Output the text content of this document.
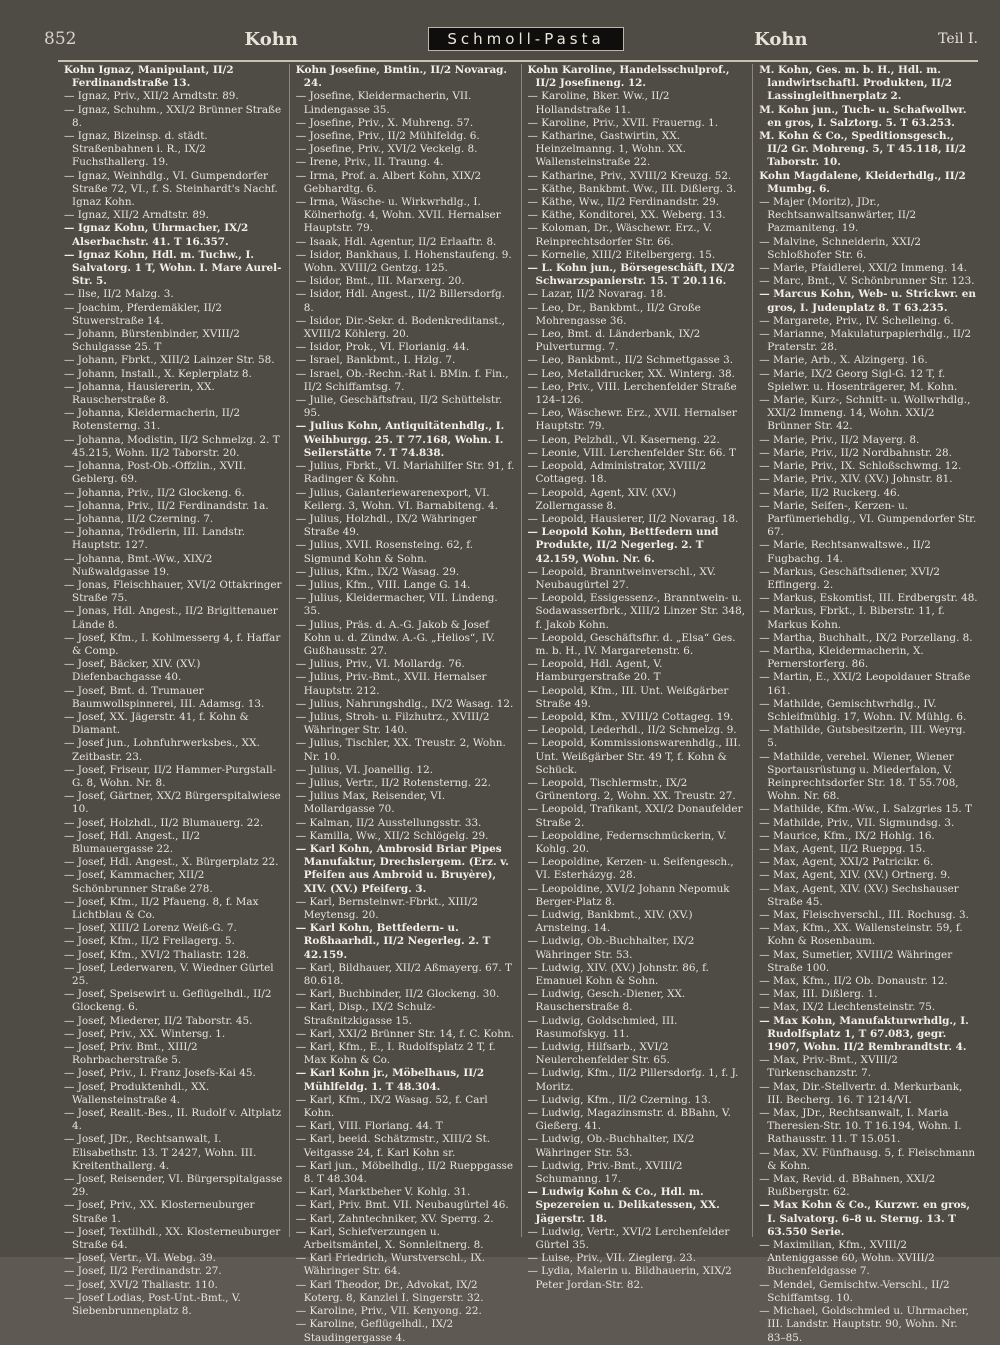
852	Kohn	Schmoll-Pasta	Kohn	Teil I.

Kohn Ignaz, Manipulant, II/2 Ferdinandstraße 13.

— Ignaz, Priv., XII/2 Arndtstr. 89.

— Ignaz, Schuhm., XXI/2 Brünner Straße 8.

— Ignaz, Bizeinsp. d. städt. Straßenbahnen i. R., IX/2 Fuchsthallerg. 19.

— Ignaz, Weinhdlg., VI. Gumpendorfer Straße 72, VI., f. S. Steinhardt's Nachf. Ignaz Kohn.

— Ignaz, XII/2 Arndtstr. 89.

— Ignaz Kohn, Uhrmacher, IX/2 Alserbachstr. 41. T 16.357.

— Ignaz Kohn, Hdl. m. Tuchw., I. Salvatorg. 1 T, Wohn. I. Mare Aurel-Str. 5.

— Ilse, II/2 Malzg. 3.

— Joachim, Pferdemäkler, II/2 Stuwerstraße 14.

— Johann, Bürstenbinder, XVIII/2 Schulgasse 25. T

— Johann, Fbrkt., XIII/2 Lainzer Str. 58.

— Johann, Install., X. Keplerplatz 8.

— Johanna, Hausiererin, XX. Rauscherstraße 8.

— Johanna, Kleidermacherin, II/2 Rotensterng. 31.

— Johanna, Modistin, II/2 Schmelzg. 2. T 45.215, Wohn. II/2 Taborstr. 20.

— Johanna, Post-Ob.-Offzlin., XVII. Geblerg. 69.

— Johanna, Priv., II/2 Glockeng. 6.

— Johanna, Priv., II/2 Ferdinandstr. 1a.

— Johanna, II/2 Czerning. 7.

— Johanna, Trödlerin, III. Landstr. Hauptstr. 127.

— Johanna, Bmt.-Ww., XIX/2 Nußwaldgasse 19.

— Jonas, Fleischhauer, XVI/2 Ottakringer Straße 75.

— Jonas, Hdl. Angest., II/2 Brigittenauer Lände 8.

— Josef, Kfm., I. Kohlmesserg 4, f. Haffar & Comp.

— Josef, Bäcker, XIV. (XV.) Diefenbachgasse 40.

— Josef, Bmt. d. Trumauer Baumwollspinnerei, III. Adamsg. 13.

— Josef, XX. Jägerstr. 41, f. Kohn & Diamant.

— Josef jun., Lohnfuhrwerksbes., XX. Zeitbastr. 23.

— Josef, Friseur, II/2 Hammer-Purgstall-G. 8, Wohn. Nr. 8.

— Josef, Gärtner, XX/2 Bürgerspitalwiese 10.

— Josef, Holzhdl., II/2 Blumauerg. 22.

— Josef, Hdl. Angest., II/2 Blumauergasse 22.

— Josef, Hdl. Angest., X. Bürgerplatz 22.

— Josef, Kammacher, XII/2 Schönbrunner Straße 278.

— Josef, Kfm., II/2 Pfaueng. 8, f. Max Lichtblau & Co.

— Josef, XIII/2 Lorenz Weiß-G. 7.

— Josef, Kfm., II/2 Freilagerg. 5.

— Josef, Kfm., XVI/2 Thaliastr. 128.

— Josef, Lederwaren, V. Wiedner Gürtel 25.

— Josef, Speisewirt u. Geflügelhdl., II/2 Glockeng. 6.

— Josef, Miederer, II/2 Taborstr. 45.

— Josef, Priv., XX. Wintersg. 1.

— Josef, Priv. Bmt., XIII/2 Rohrbacherstraße 5.

— Josef, Priv., I. Franz Josefs-Kai 45.

— Josef, Produktenhdl., XX. Wallensteinstraße 4.

— Josef, Realit.-Bes., II. Rudolf v. Altplatz 4.

— Josef, JDr., Rechtsanwalt, I. Elisabethstr. 13. T 2427, Wohn. III. Kreitenthallerg. 4.

— Josef, Reisender, VI. Bürgerspitalgasse 29.

— Josef, Priv., XX. Klosterneuburger Straße 1.

— Josef, Textilhdl., XX. Klosterneuburger Straße 64.

— Josef, Vertr., VI. Webg. 39.

— Josef, II/2 Ferdinandstr. 27.

— Josef, XVI/2 Thaliastr. 110.

— Josef Lodias, Post-Unt.-Bmt., V. Siebenbrunnenplatz 8.

Kohn Josefine, Bmtin., II/2 Novarag. 24.

— Josefine, Kleidermacherin, VII. Lindengasse 35.

— Josefine, Priv., X. Muhreng. 57.

— Josefine, Priv., II/2 Mühlfeldg. 6.

— Josefine, Priv., XVI/2 Veckelg. 8.

— Irene, Priv., II. Traung. 4.

— Irma, Prof. a. Albert Kohn, XIX/2 Gebhardtg. 6.

— Irma, Wäsche- u. Wirkwrhdlg., I. Kölnerhofg. 4, Wohn. XVII. Hernalser Hauptstr. 79.

— Isaak, Hdl. Agentur, II/2 Erlaaftr. 8.

— Isidor, Bankhaus, I. Hohenstaufeng. 9. Wohn. XVIII/2 Gentzg. 125.

— Isidor, Bmt., III. Marxerg. 20.

— Isidor, Hdl. Angest., II/2 Billersdorfg. 8.

— Isidor, Dir.-Sekr. d. Bodenkreditanst., XVIII/2 Köhlerg. 20.

— Isidor, Prok., VI. Florianig. 44.

— Israel, Bankbmt., I. Hzlg. 7.

— Israel, Ob.-Rechn.-Rat i. BMin. f. Fin., II/2 Schiffamtsg. 7.

— Julie, Geschäftsfrau, II/2 Schüttelstr. 95.

— Julius Kohn, Antiquitätenhdlg., I. Weihburgg. 25. T 77.168, Wohn. I. Seilerstätte 7. T 74.838.

— Julius, Fbrkt., VI. Mariahilfer Str. 91, f. Radinger & Kohn.

— Julius, Galanteriewarenexport, VI. Keilerg. 3, Wohn. VI. Barnabiteng. 4.

— Julius, Holzhdl., IX/2 Währinger Straße 49.

— Julius, XVII. Rosensteing. 62, f. Sigmund Kohn & Sohn.

— Julius, Kfm., IX/2 Wasag. 29.

— Julius, Kfm., VIII. Lange G. 14.

— Julius, Kleidermacher, VII. Lindeng. 35.

— Julius, Präs. d. A.-G. Jakob & Josef Kohn u. d. Zündw. A.-G. „Helios“, IV. Gußhausstr. 27.

— Julius, Priv., VI. Mollardg. 76.

— Julius, Priv.-Bmt., XVII. Hernalser Hauptstr. 212.

— Julius, Nahrungshdlg., IX/2 Wasag. 12.

— Julius, Stroh- u. Filzhutrz., XVIII/2 Währinger Str. 140.

— Julius, Tischler, XX. Treustr. 2, Wohn. Nr. 10.

— Julius, VI. Joanellig. 12.

— Julius, Vertr., II/2 Rotensterng. 22.

— Julius Max, Reisender, VI. Mollardgasse 70.

— Kalman, II/2 Ausstellungsstr. 33.

— Kamilla, Ww., XII/2 Schlögelg. 29.

— Karl Kohn, Ambrosid Briar Pipes Manufaktur, Drechslergem. (Erz. v. Pfeifen aus Ambroid u. Bruyère), XIV. (XV.) Pfeiferg. 3.

— Karl, Bernsteinwr.-Fbrkt., XIII/2 Meytensg. 20.

— Karl Kohn, Bettfedern- u. Roßhaarhdl., II/2 Negerleg. 2. T 42.159.

— Karl, Bildhauer, XII/2 Aßmayerg. 67. T 80.618.

— Karl, Buchbinder, II/2 Glockeng. 30.

— Karl, Disp., IX/2 Schulz-Straßnitzkigasse 15.

— Karl, XXI/2 Brünner Str. 14, f. C. Kohn.

— Karl, Kfm., E., I. Rudolfsplatz 2 T, f. Max Kohn & Co.

— Karl Kohn jr., Möbelhaus, II/2 Mühlfeldg. 1. T 48.304.

— Karl, Kfm., IX/2 Wasag. 52, f. Carl Kohn.

— Karl, VIII. Floriang. 44. T

— Karl, beeid. Schätzmstr., XIII/2 St. Veitgasse 24, f. Karl Kohn sr.

— Karl jun., Möbelhdlg., II/2 Rueppgasse 8. T 48.304.

— Karl, Marktbeher V. Kohlg. 31.

— Karl, Priv. Bmt. VII. Neubaugürtel 46.

— Karl, Zahntechniker, XV. Sperrg. 2.

— Karl, Schiefverzungen u. Arbeitsmäntel, X. Sonnleitnerg. 8.

— Karl Friedrich, Wurstverschl., IX. Währinger Str. 64.

— Karl Theodor, Dr., Advokat, IX/2 Koterg. 8, Kanzlei I. Singerstr. 32.

— Karoline, Priv., VII. Kenyong. 22.

— Karoline, Geflügelhdl., IX/2 Staudingergasse 4.

Kohn Karoline, Handelsschulprof., II/2 Josefineng. 12.

— Karoline, Bker. Ww., II/2 Hollandstraße 11.

— Karoline, Priv., XVII. Frauerng. 1.

— Katharine, Gastwirtin, XX. Heinzelmanng. 1, Wohn. XX. Wallensteinstraße 22.

— Katharine, Priv., XVIII/2 Kreuzg. 52.

— Käthe, Bankbmt. Ww., III. Dißlerg. 3.

— Käthe, Ww., II/2 Ferdinandstr. 29.

— Käthe, Konditorei, XX. Weberg. 13.

— Koloman, Dr., Wäschewr. Erz., V. Reinprechtsdorfer Str. 66.

— Kornelie, XIII/2 Eitelbergerg. 15.

— L. Kohn jun., Börsegeschäft, IX/2 Schwarzspanierstr. 15. T 20.116.

— Lazar, II/2 Novarag. 18.

— Leo, Dr., Bankbmt., II/2 Große Mohrengasse 36.

— Leo, Bmt. d. Länderbank, IX/2 Pulverturmg. 7.

— Leo, Bankbmt., II/2 Schmettgasse 3.

— Leo, Metalldrucker, XX. Winterg. 38.

— Leo, Priv., VIII. Lerchenfelder Straße 124–126.

— Leo, Wäschewr. Erz., XVII. Hernalser Hauptstr. 79.

— Leon, Pelzhdl., VI. Kaserneng. 22.

— Leonie, VIII. Lerchenfelder Str. 66. T

— Leopold, Administrator, XVIII/2 Cottageg. 18.

— Leopold, Agent, XIV. (XV.) Zollerngasse 8.

— Leopold, Hausierer, II/2 Novarag. 18.

— Leopold Kohn, Bettfedern und Produkte, II/2 Negerleg. 2. T 42.159, Wohn. Nr. 6.

— Leopold, Branntweinverschl., XV. Neubaugürtel 27.

— Leopold, Essigessenz-, Branntwein- u. Sodawasserfbrk., XIII/2 Linzer Str. 348, f. Jakob Kohn.

— Leopold, Geschäftsfhr. d. „Elsa“ Ges. m. b. H., IV. Margaretenstr. 6.

— Leopold, Hdl. Agent, V. Hamburgerstraße 20. T

— Leopold, Kfm., III. Unt. Weißgärber Straße 49.

— Leopold, Kfm., XVIII/2 Cottageg. 19.

— Leopold, Lederhdl., II/2 Schmelzg. 9.

— Leopold, Kommissionswarenhdlg., III. Unt. Weißgärber Str. 49 T, f. Kohn & Schück.

— Leopold, Tischlermstr., IX/2 Grünentorg. 2, Wohn. XX. Treustr. 27.

— Leopold, Trafikant, XXI/2 Donaufelder Straße 2.

— Leopoldine, Federnschmückerin, V. Kohlg. 20.

— Leopoldine, Kerzen- u. Seifengesch., VI. Esterházyg. 28.

— Leopoldine, XVI/2 Johann Nepomuk Berger-Platz 8.

— Ludwig, Bankbmt., XIV. (XV.) Arnsteing. 14.

— Ludwig, Ob.-Buchhalter, IX/2 Währinger Str. 53.

— Ludwig, XIV. (XV.) Johnstr. 86, f. Emanuel Kohn & Sohn.

— Ludwig, Gesch.-Diener, XX. Rauscherstraße 8.

— Ludwig, Goldschmied, III. Rasumofskyg. 11.

— Ludwig, Hilfsarb., XVI/2 Neulerchenfelder Str. 65.

— Ludwig, Kfm., II/2 Pillersdorfg. 1, f. J. Moritz.

— Ludwig, Kfm., II/2 Czerning. 13.

— Ludwig, Magazinsmstr. d. BBahn, V. Gießerg. 41.

— Ludwig, Ob.-Buchhalter, IX/2 Währinger Str. 53.

— Ludwig, Priv.-Bmt., XVIII/2 Schumanng. 17.

— Ludwig Kohn & Co., Hdl. m. Spezereien u. Delikatessen, XX. Jägerstr. 18.

— Ludwig, Vertr., XVI/2 Lerchenfelder Gürtel 35.

— Luise, Priv., VII. Zieglerg. 23.

— Lydia, Malerin u. Bildhauerin, XIX/2 Peter Jordan-Str. 82.

M. Kohn, Ges. m. b. H., Hdl. m. landwirtschaftl. Produkten, II/2 Lassingleithnerplatz 2.

M. Kohn jun., Tuch- u. Schafwollwr. en gros, I. Salztorg. 5. T 63.253.

M. Kohn & Co., Speditionsgesch., II/2 Gr. Mohreng. 5, T 45.118, II/2 Taborstr. 10.

Kohn Magdalene, Kleiderhdlg., II/2 Mumbg. 6.

— Majer (Moritz), JDr., Rechtsanwaltsanwärter, II/2 Pazmaniteng. 19.

— Malvine, Schneiderin, XXI/2 Schloßhofer Str. 6.

— Marie, Pfaidlerei, XXI/2 Immeng. 14.

— Marc, Bmt., V. Schönbrunner Str. 123.

— Marcus Kohn, Web- u. Strickwr. en gros, I. Judenplatz 8. T 63.235.

— Margarete, Priv., IV. Schelleing. 6.

— Marianne, Makulaturpapierhdlg., II/2 Praterstr. 28.

— Marie, Arb., X. Alzingerg. 16.

— Marie, IX/2 Georg Sigl-G. 12 T, f. Spielwr. u. Hosenträgerer, M. Kohn.

— Marie, Kurz-, Schnitt- u. Wollwrhdlg., XXI/2 Immeng. 14, Wohn. XXI/2 Brünner Str. 42.

— Marie, Priv., II/2 Mayerg. 8.

— Marie, Priv., II/2 Nordbahnstr. 28.

— Marie, Priv., IX. Schloßschwmg. 12.

— Marie, Priv., XIV. (XV.) Johnstr. 81.

— Marie, II/2 Ruckerg. 46.

— Marie, Seifen-, Kerzen- u. Parfümeriehdlg., VI. Gumpendorfer Str. 67.

— Marie, Rechtsanwaltswe., II/2 Fugbachg. 14.

— Markus, Geschäftsdiener, XVI/2 Effingerg. 2.

— Markus, Eskomtist, III. Erdbergstr. 48.

— Markus, Fbrkt., I. Biberstr. 11, f. Markus Kohn.

— Martha, Buchhalt., IX/2 Porzellang. 8.

— Martha, Kleidermacherin, X. Pernerstorferg. 86.

— Martin, E., XXI/2 Leopoldauer Straße 161.

— Mathilde, Gemischtwrhdlg., IV. Schleifmühlg. 17, Wohn. IV. Mühlg. 6.

— Mathilde, Gutsbesitzerin, III. Weyrg. 5.

— Mathilde, verehel. Wiener, Wiener Sportausrüstung u. Miederfalon, V. Reinprechtsdorfer Str. 18. T 55.708, Wohn. Nr. 68.

— Mathilde, Kfm.-Ww., I. Salzgries 15. T

— Mathilde, Priv., VII. Sigmundsg. 3.

— Maurice, Kfm., IX/2 Hohlg. 16.

— Max, Agent, II/2 Rueppg. 15.

— Max, Agent, XXI/2 Patricikr. 6.

— Max, Agent, XIV. (XV.) Ortnerg. 9.

— Max, Agent, XIV. (XV.) Sechshauser Straße 45.

— Max, Fleischverschl., III. Rochusg. 3.

— Max, Kfm., XX. Wallensteinstr. 59, f. Kohn & Rosenbaum.

— Max, Sumetier, XVIII/2 Währinger Straße 100.

— Max, Kfm., II/2 Ob. Donaustr. 12.

— Max, III. Dißlerg. 1.

— Max, IX/2 Liechtensteinstr. 75.

— Max Kohn, Manufakturwrhdlg., I. Rudolfsplatz 1, T 67.083, gegr. 1907, Wohn. II/2 Rembrandtstr. 4.

— Max, Priv.-Bmt., XVIII/2 Türkenschanzstr. 7.

— Max, Dir.-Stellvertr. d. Merkurbank, III. Becherg. 16. T 1214/VI.

— Max, JDr., Rechtsanwalt, I. Maria Theresien-Str. 10. T 16.194, Wohn. I. Rathausstr. 11. T 15.051.

— Max, XV. Fünfhausg. 5, f. Fleischmann & Kohn.

— Max, Revid. d. BBahnen, XXI/2 Rußbergstr. 62.

— Max Kohn & Co., Kurzwr. en gros, I. Salvatorg. 6–8 u. Sterng. 13. T 63.550 Serie.

— Maximilian, Kfm., XVIII/2 Anteniggasse 60, Wohn. XVIII/2 Buchenfeldgasse 7.

— Mendel, Gemischtw.-Verschl., II/2 Schiffamtsg. 10.

— Michael, Goldschmied u. Uhrmacher, III. Landstr. Hauptstr. 90, Wohn. Nr. 83–85.
